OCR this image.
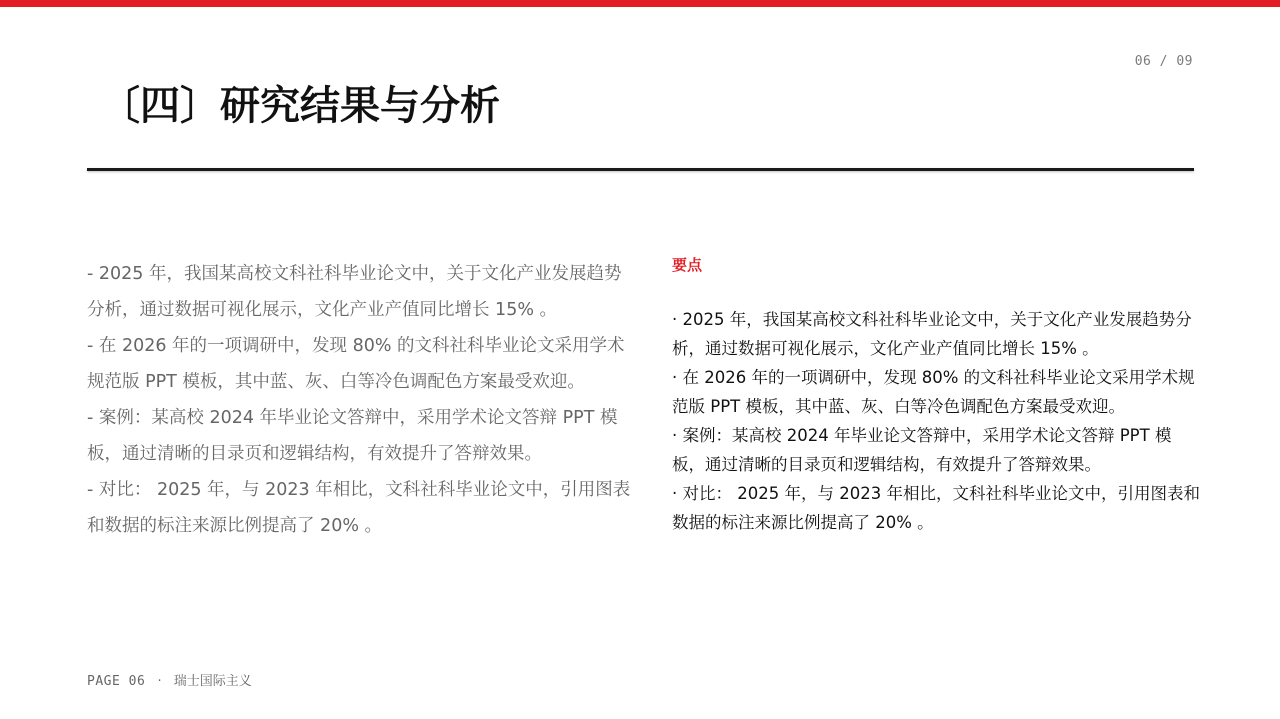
06 / 09
〔四〕研究结果与分析

- 2025 年，我国某高校文科社科毕业论文中，关于文化产业发展趋势分析，通过数据可视化展示，文化产业产值同比增长 15% 。

- 在 2026 年的一项调研中，发现 80% 的文科社科毕业论文采用学术规范版 PPT 模板，其中蓝、灰、白等冷色调配色方案最受欢迎。

- 案例：某高校 2024 年毕业论文答辩中，采用学术论文答辩 PPT 模板，通过清晰的目录页和逻辑结构，有效提升了答辩效果。

- 对比： 2025 年，与 2023 年相比，文科社科毕业论文中，引用图表和数据的标注来源比例提高了 20% 。

要点

· 2025 年，我国某高校文科社科毕业论文中，关于文化产业发展趋势分析，通过数据可视化展示，文化产业产值同比增长 15% 。

· 在 2026 年的一项调研中，发现 80% 的文科社科毕业论文采用学术规范版 PPT 模板，其中蓝、灰、白等冷色调配色方案最受欢迎。

· 案例：某高校 2024 年毕业论文答辩中，采用学术论文答辩 PPT 模板，通过清晰的目录页和逻辑结构，有效提升了答辩效果。

· 对比： 2025 年，与 2023 年相比，文科社科毕业论文中，引用图表和数据的标注来源比例提高了 20% 。

PAGE 06 · 瑞士国际主义
